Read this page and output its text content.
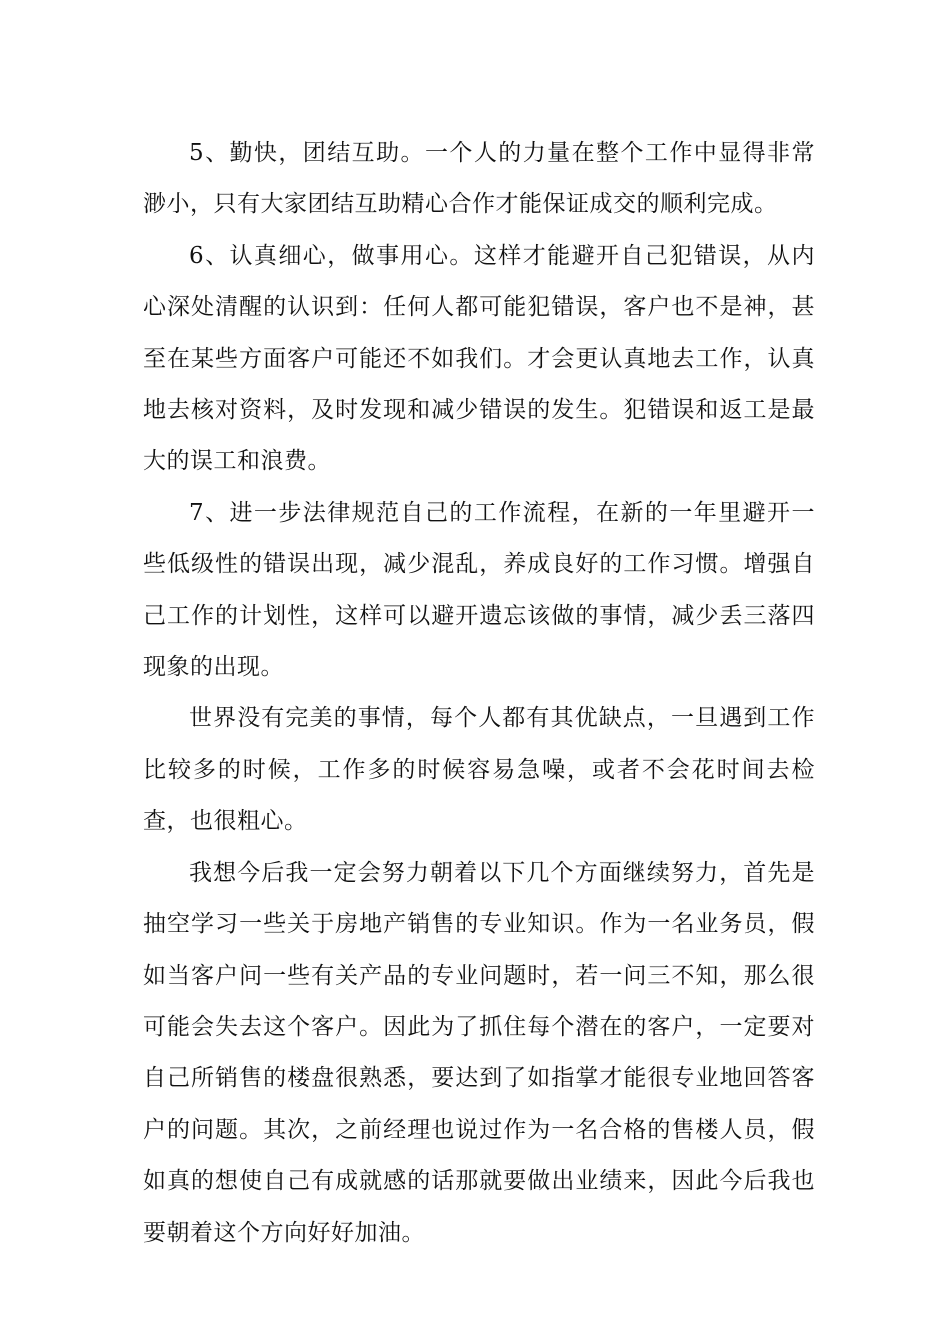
5、勤快，团结互助。一个人的力量在整个工作中显得非常渺小，只有大家团结互助精心合作才能保证成交的顺利完成。

6、认真细心，做事用心。这样才能避开自己犯错误，从内心深处清醒的认识到：任何人都可能犯错误，客户也不是神，甚至在某些方面客户可能还不如我们。才会更认真地去工作，认真地去核对资料，及时发现和减少错误的发生。犯错误和返工是最大的误工和浪费。

7、进一步法律规范自己的工作流程，在新的一年里避开一些低级性的错误出现，减少混乱，养成良好的工作习惯。增强自己工作的计划性，这样可以避开遗忘该做的事情，减少丢三落四现象的出现。

世界没有完美的事情，每个人都有其优缺点，一旦遇到工作比较多的时候，工作多的时候容易急噪，或者不会花时间去检查，也很粗心。

我想今后我一定会努力朝着以下几个方面继续努力，首先是抽空学习一些关于房地产销售的专业知识。作为一名业务员，假如当客户问一些有关产品的专业问题时，若一问三不知，那么很可能会失去这个客户。因此为了抓住每个潜在的客户，一定要对自己所销售的楼盘很熟悉，要达到了如指掌才能很专业地回答客户的问题。其次，之前经理也说过作为一名合格的售楼人员，假如真的想使自己有成就感的话那就要做出业绩来，因此今后我也要朝着这个方向好好加油。
